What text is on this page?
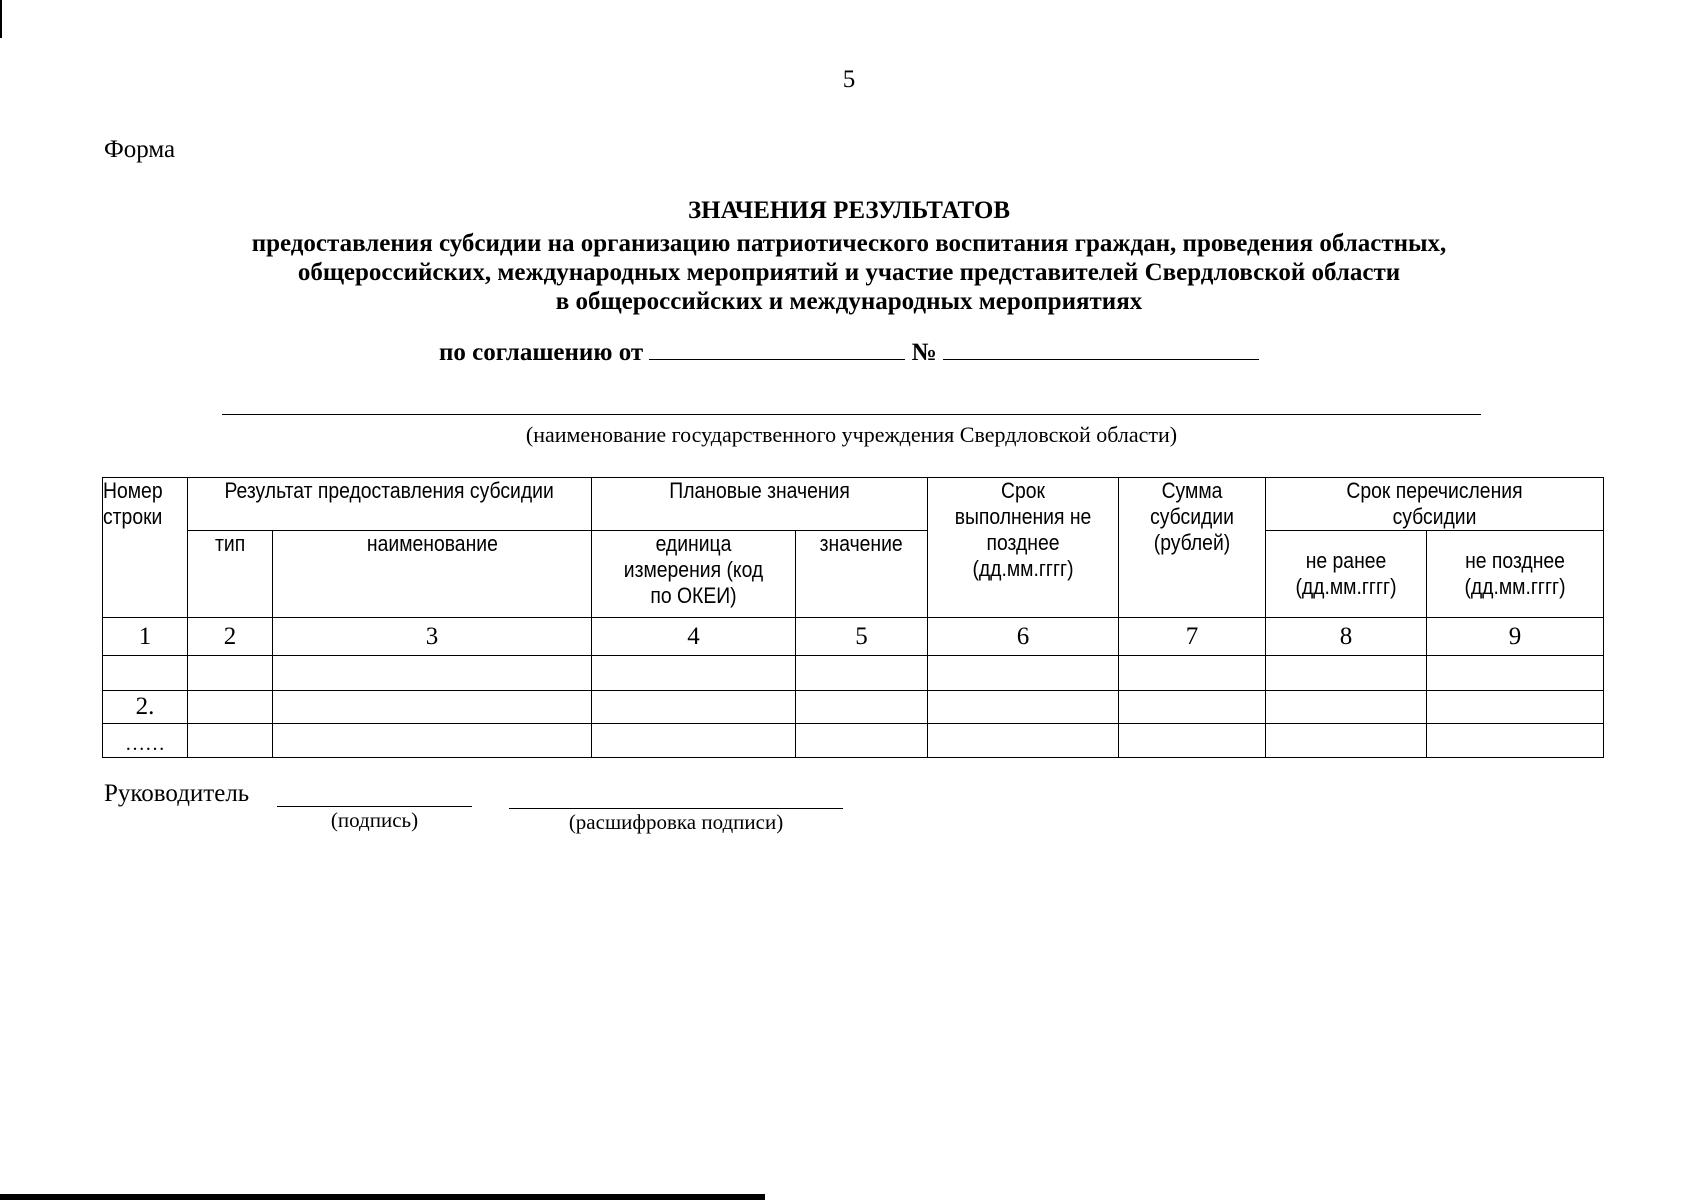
5
Форма
ЗНАЧЕНИЯ РЕЗУЛЬТАТОВ
предоставления субсидии на организацию патриотического воспитания граждан, проведения областных,
общероссийских, международных мероприятий и участие представителей Свердловской области
в общероссийских и международных мероприятиях
по соглашению от	№
(наименование государственного учреждения Свердловской области)
Номер строки	Результат предоставления субсидии		Плановые значения		Срок выполнения не позднее (дд.мм.гггг)	Сумма субсидии (рублей)	Срок перечисления субсидии	
	тип	наименование	единица измерения (код по ОКЕИ)	значение			не ранее (дд.мм.гггг)	не позднее (дд.мм.гггг)
1	2	3	4	5	6	7	8	9

2.								
……								
Руководитель
(подпись)	(расшифровка подписи)
